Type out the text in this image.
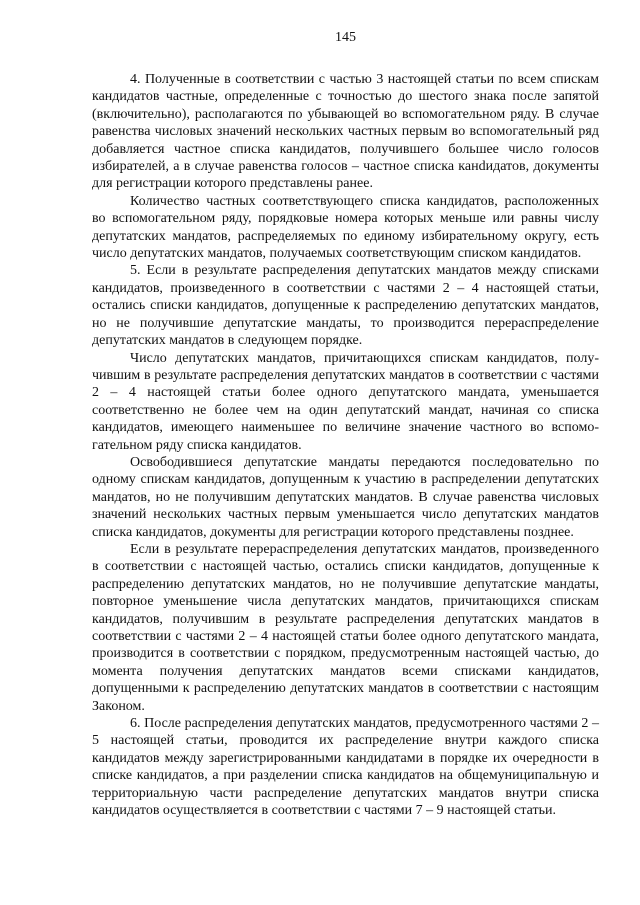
145

4. Полученные в соответствии с частью 3 настоящей статьи по всем спискам кандидатов частные, определенные с точностью до шестого знака после запятой (включительно), располагаются по убывающей во вспомогательном ряду. В случае равенства числовых значений нескольких частных первым во вспомогательный ряд добавляется частное списка кандидатов, получившего большее число голосов избирателей, а в случае равенства голосов – частное списка канdидатов, документы для регистрации которого представлены ранее.

Количество частных соответствующего списка кандидатов, расположенных во вспомогательном ряду, порядковые номера которых меньше или равны числу депутатских мандатов, распределяемых по единому избирательному округу, есть число депутатских мандатов, получаемых соответствующим списком кандидатов.

5. Если в результате распределения депутатских мандатов между списками кандидатов, произведенного в соответствии с частями 2 – 4 настоящей статьи, остались списки кандидатов, допущенные к распределению депутатских мандатов, но не получившие депутатские мандаты, то производится перераспределение депутатских мандатов в следующем порядке.

Число депутатских мандатов, причитающихся спискам кандидатов, получившим в результате распределения депутатских мандатов в соответствии с частями 2 – 4 настоящей статьи более одного депутатского мандата, уменьшается соответственно не более чем на один депутатский мандат, начиная со списка кандидатов, имеющего наименьшее по величине значение частного во вспомогательном ряду списка кандидатов.

Освободившиеся депутатские мандаты передаются последовательно по одному спискам кандидатов, допущенным к участию в распределении депутатских мандатов, но не получившим депутатских мандатов. В случае равенства числовых значений нескольких частных первым уменьшается число депутатских мандатов списка кандидатов, документы для регистрации которого представлены позднее.

Если в результате перераспределения депутатских мандатов, произведенного в соответствии с настоящей частью, остались списки кандидатов, допущенные к распределению депутатских мандатов, но не получившие депутатские мандаты, повторное уменьшение числа депутатских мандатов, причитающихся спискам кандидатов, получившим в результате распределения депутатских мандатов в соответствии с частями 2 – 4 настоящей статьи более одного депутатского мандата, производится в соответствии с порядком, предусмотренным настоящей частью, до момента получения депутатских мандатов всеми списками кандидатов, допущенными к распределению депутатских мандатов в соответствии с настоящим Законом.

6. После распределения депутатских мандатов, предусмотренного частями 2 – 5 настоящей статьи, проводится их распределение внутри каждого списка кандидатов между зарегистрированными кандидатами в порядке их очередности в списке кандидатов, а при разделении списка кандидатов на общемуниципальную и территориальную части распределение депутатских мандатов внутри списка кандидатов осуществляется в соответствии с частями 7 – 9 настоящей статьи.
